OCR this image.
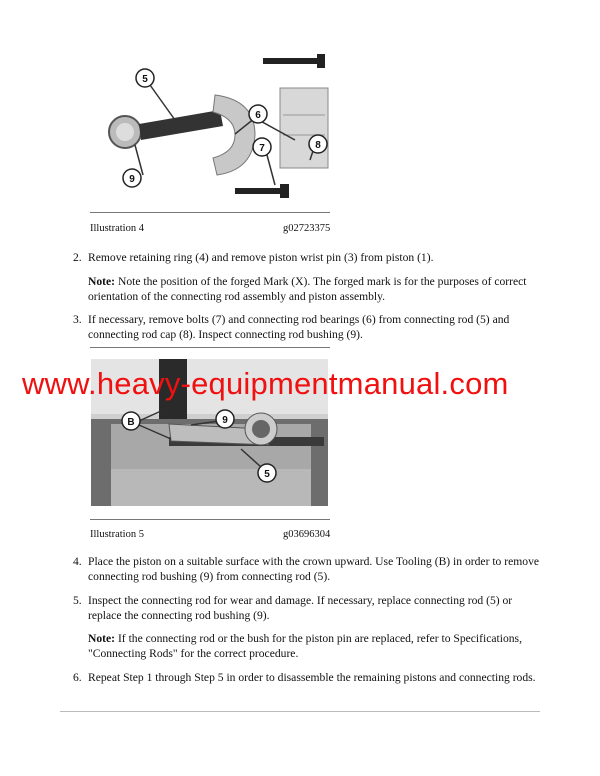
5
6
7	8
9
Illustration 4	g02723375
2. Remove retaining ring (4) and remove piston wrist pin (3) from piston (1).
Note: Note the position of the forged Mark (X). The forged mark is for the purposes of correct orientation of the connecting rod assembly and piston assembly.
3. If necessary, remove bolts (7) and connecting rod bearings (6) from connecting rod (5) and connecting rod cap (8). Inspect connecting rod bushing (9).
B	9
5
Illustration 5	g03696304
www.heavy-equipmentmanual.com
4. Place the piston on a suitable surface with the crown upward. Use Tooling (B) in order to remove connecting rod bushing (9) from connecting rod (5).
5. Inspect the connecting rod for wear and damage. If necessary, replace connecting rod (5) or replace the connecting rod bushing (9).
Note: If the connecting rod or the bush for the piston pin are replaced, refer to Specifications, "Connecting Rods" for the correct procedure.
6. Repeat Step 1 through Step 5 in order to disassemble the remaining pistons and connecting rods.
